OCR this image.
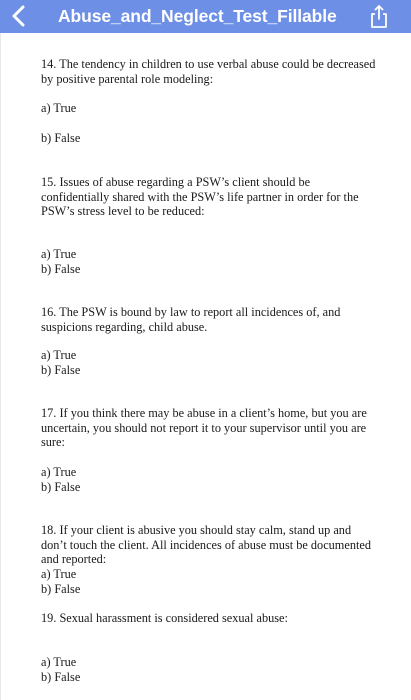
Abuse_and_Neglect_Test_Fillable
14. The tendency in children to use verbal abuse could be decreased by positive parental role modeling:
a) True
b) False
15. Issues of abuse regarding a PSW’s client should be confidentially shared with the PSW’s life partner in order for the PSW’s stress level to be reduced:
a) True
b) False
16. The PSW is bound by law to report all incidences of, and suspicions regarding, child abuse.
a) True
b) False
17. If you think there may be abuse in a client’s home, but you are uncertain, you should not report it to your supervisor until you are sure:
a) True
b) False
18. If your client is abusive you should stay calm, stand up and don’t touch the client. All incidences of abuse must be documented and reported:
a) True
b) False
19. Sexual harassment is considered sexual abuse:
a) True
b) False
